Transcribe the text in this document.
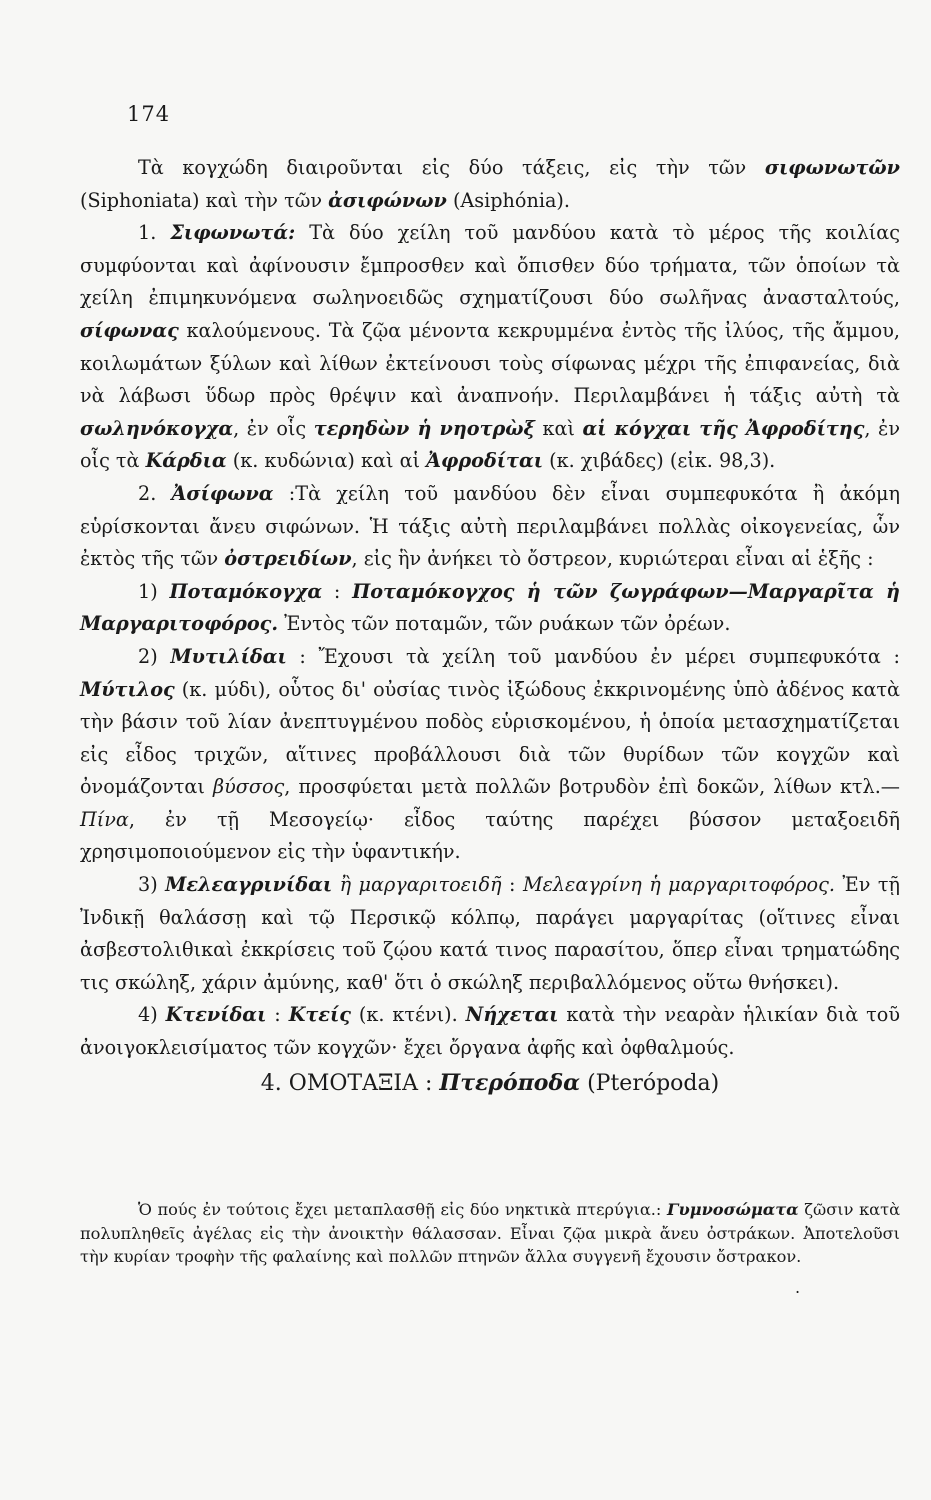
174

Τὰ κογχώδη διαιροῦνται εἰς δύο τάξεις, εἰς τὴν τῶν σιφωνωτῶν (Siphoniata) καὶ τὴν τῶν ἀσιφώνων (Asiphónia).

1. Σιφωνωτά: Τὰ δύο χείλη τοῦ μανδύου κατὰ τὸ μέρος τῆς κοιλίας συμφύονται καὶ ἀφίνουσιν ἔμπροσθεν καὶ ὄπισθεν δύο τρήματα, τῶν ὁποίων τὰ χείλη ἐπιμηκυνόμενα σωληνοειδῶς σχηματίζουσι δύο σωλῆνας ἀνασταλτούς, σίφωνας καλούμενους. Τὰ ζῷα μένοντα κεκρυμμένα ἐντὸς τῆς ἰλύος, τῆς ἄμμου, κοιλωμάτων ξύλων καὶ λίθων ἐκτείνουσι τοὺς σίφωνας μέχρι τῆς ἐπιφανείας, διὰ νὰ λάβωσι ὕδωρ πρὸς θρέψιν καὶ ἀναπνοήν. Περιλαμβάνει ἡ τάξις αὐτὴ τὰ σωληνόκογχα, ἐν οἷς τερηδὼν ἡ νηοτρὼξ καὶ αἱ κόγχαι τῆς Ἀφροδίτης, ἐν οἷς τὰ Κάρδια (κ. κυδώνια) καὶ αἱ Ἀφροδίται (κ. χιβάδες) (εἰκ. 98,3).

2. Ἀσίφωνα :Τὰ χείλη τοῦ μανδύου δὲν εἶναι συμπεφυκότα ἢ ἀκόμη εὑρίσκονται ἄνευ σιφώνων. Ἡ τάξις αὐτὴ περιλαμβάνει πολλὰς οἰκογενείας, ὧν ἐκτὸς τῆς τῶν ὀστρειδίων, εἰς ἣν ἀνήκει τὸ ὄστρεον, κυριώτεραι εἶναι αἱ ἑξῆς :

1) Ποταμόκογχα : Ποταμόκογχος ἡ τῶν ζωγράφων—Μαργαρῖτα ἡ Μαργαριτοφόρος. Ἐντὸς τῶν ποταμῶν, τῶν ρυάκων τῶν ὀρέων.

2) Μυτιλίδαι : Ἔχουσι τὰ χείλη τοῦ μανδύου ἐν μέρει συμπεφυκότα : Μύτιλος (κ. μύδι), οὗτος δι' οὐσίας τινὸς ἰξώδους ἐκκρινομένης ὑπὸ ἀδένος κατὰ τὴν βάσιν τοῦ λίαν ἀνεπτυγμένου ποδὸς εὑρισκομένου, ἡ ὁποία μετασχηματίζεται εἰς εἶδος τριχῶν, αἵτινες προβάλλουσι διὰ τῶν θυρίδων τῶν κογχῶν καὶ ὀνομάζονται βύσσος, προσφύεται μετὰ πολλῶν βοτρυδὸν ἐπὶ δοκῶν, λίθων κτλ.—Πίνα, ἐν τῇ Μεσογείῳ· εἶδος ταύτης παρέχει βύσσον μεταξοειδῆ χρησιμοποιούμενον εἰς τὴν ὑφαντικήν.

3) Μελεαγρινίδαι ἢ μαργαριτοειδῆ : Μελεαγρίνη ἡ μαργαριτοφόρος. Ἐν τῇ Ἰνδικῇ θαλάσσῃ καὶ τῷ Περσικῷ κόλπῳ, παράγει μαργαρίτας (οἵτινες εἶναι ἀσβεστολιθικαὶ ἐκκρίσεις τοῦ ζῴου κατά τινος παρασίτου, ὅπερ εἶναι τρηματώδης τις σκώληξ, χάριν ἀμύνης, καθ' ὅτι ὁ σκώληξ περιβαλλόμενος οὕτω θνήσκει).

4) Κτενίδαι : Κτείς (κ. κτένι). Νήχεται κατὰ τὴν νεαρὰν ἡλικίαν διὰ τοῦ ἀνοιγοκλεισίματος τῶν κογχῶν· ἔχει ὄργανα ἀφῆς καὶ ὀφθαλμούς.

4. ΟΜΟΤΑΞΙΑ : Πτερόποδα (Pterópoda)

Ὁ πούς ἐν τούτοις ἔχει μεταπλασθῇ εἰς δύο νηκτικὰ πτερύγια.: Γυμνοσώματα ζῶσιν κατὰ πολυπληθεῖς ἀγέλας εἰς τὴν ἀνοικτὴν θάλασσαν. Εἶναι ζῷα μικρὰ ἄνευ ὀστράκων. Ἀποτελοῦσι τὴν κυρίαν τροφὴν τῆς φαλαίνης καὶ πολλῶν πτηνῶν ἄλλα συγγενῆ ἔχουσιν ὄστρακον.

.
